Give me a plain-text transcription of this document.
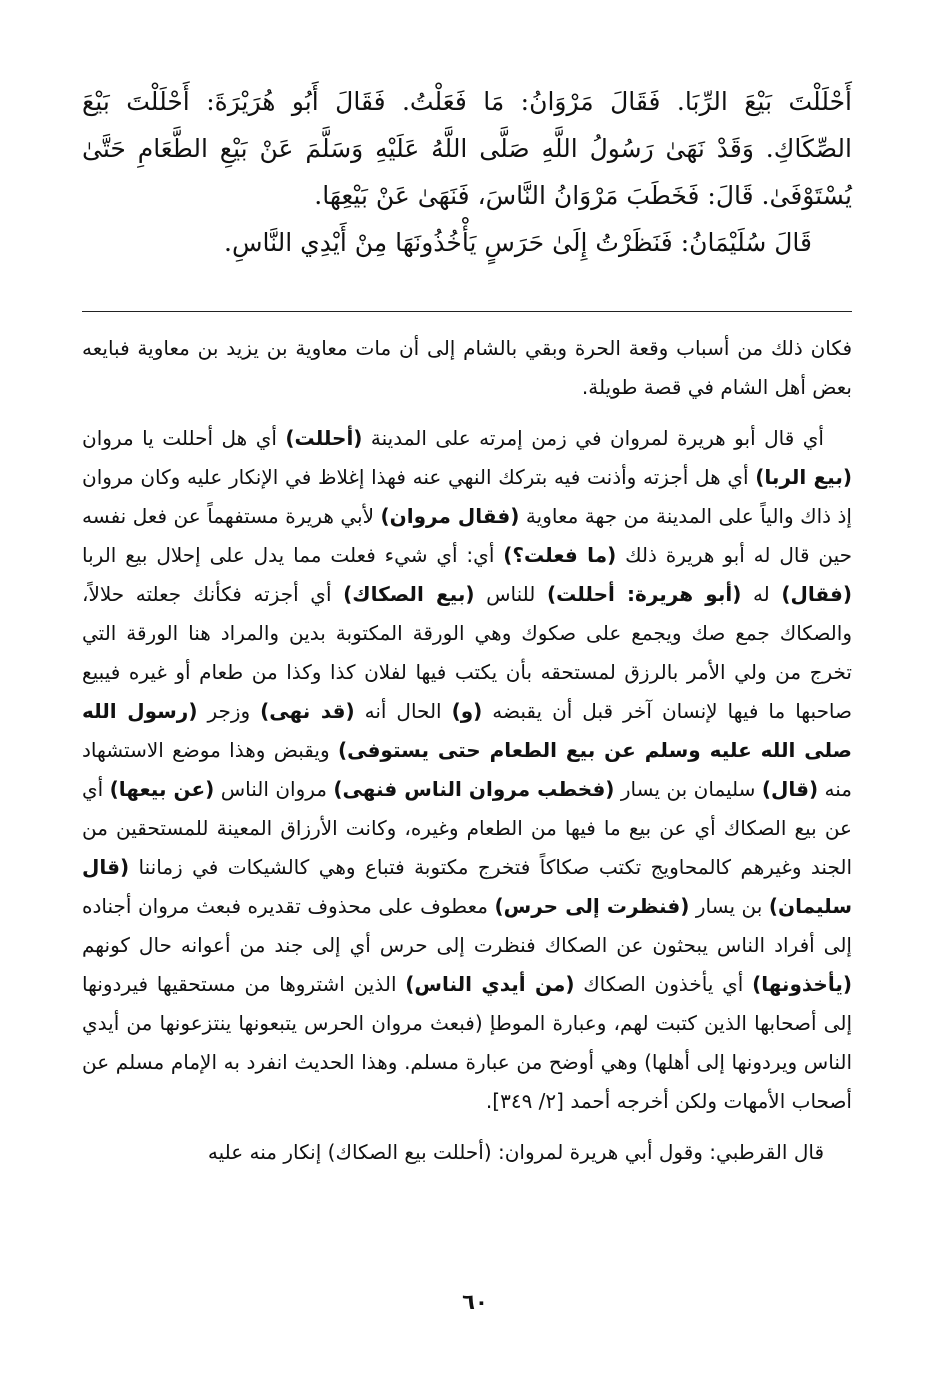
أَحْلَلْتَ بَيْعَ الرِّبَا. فَقَالَ مَرْوَانُ: مَا فَعَلْتُ. فَقَالَ أَبُو هُرَيْرَةَ: أَحْلَلْتَ بَيْعَ الصِّكَاكِ. وَقَدْ نَهَىٰ رَسُولُ اللَّهِ صَلَّى اللَّهُ عَلَيْهِ وَسَلَّمَ عَنْ بَيْعِ الطَّعَامِ حَتَّىٰ يُسْتَوْفَىٰ. قَالَ: فَخَطَبَ مَرْوَانُ النَّاسَ، فَنَهَىٰ عَنْ بَيْعِهَا.

قَالَ سُلَيْمَانُ: فَنَظَرْتُ إِلَىٰ حَرَسٍ يَأْخُذُونَهَا مِنْ أَيْدِي النَّاسِ.

فكان ذلك من أسباب وقعة الحرة وبقي بالشام إلى أن مات معاوية بن يزيد بن معاوية فبايعه بعض أهل الشام في قصة طويلة.

أي قال أبو هريرة لمروان في زمن إمرته على المدينة (أحللت) أي هل أحللت يا مروان (بيع الربا) أي هل أجزته وأذنت فيه بتركك النهي عنه فهذا إغلاظ في الإنكار عليه وكان مروان إذ ذاك والياً على المدينة من جهة معاوية (فقال مروان) لأبي هريرة مستفهماً عن فعل نفسه حين قال له أبو هريرة ذلك (ما فعلت؟) أي: أي شيء فعلت مما يدل على إحلال بيع الربا (فقال) له (أبو هريرة: أحللت) للناس (بيع الصكاك) أي أجزته فكأنك جعلته حلالاً، والصكاك جمع صك ويجمع على صكوك وهي الورقة المكتوبة بدين والمراد هنا الورقة التي تخرج من ولي الأمر بالرزق لمستحقه بأن يكتب فيها لفلان كذا وكذا من طعام أو غيره فيبيع صاحبها ما فيها لإنسان آخر قبل أن يقبضه (و) الحال أنه (قد نهى) وزجر (رسول الله صلى الله عليه وسلم عن بيع الطعام حتى يستوفى) ويقبض وهذا موضع الاستشهاد منه (قال) سليمان بن يسار (فخطب مروان الناس فنهى) مروان الناس (عن بيعها) أي عن بيع الصكاك أي عن بيع ما فيها من الطعام وغيره، وكانت الأرزاق المعينة للمستحقين من الجند وغيرهم كالمحاويج تكتب صكاكاً فتخرج مكتوبة فتباع وهي كالشيكات في زماننا (قال سليمان) بن يسار (فنظرت إلى حرس) معطوف على محذوف تقديره فبعث مروان أجناده إلى أفراد الناس يبحثون عن الصكاك فنظرت إلى حرس أي إلى جند من أعوانه حال كونهم (يأخذونها) أي يأخذون الصكاك (من أيدي الناس) الذين اشتروها من مستحقيها فيردونها إلى أصحابها الذين كتبت لهم، وعبارة الموطإ (فبعث مروان الحرس يتبعونها ينتزعونها من أيدي الناس ويردونها إلى أهلها) وهي أوضح من عبارة مسلم. وهذا الحديث انفرد به الإمام مسلم عن أصحاب الأمهات ولكن أخرجه أحمد [٢/ ٣٤٩].

قال القرطبي: وقول أبي هريرة لمروان: (أحللت بيع الصكاك) إنكار منه عليه

٦٠
